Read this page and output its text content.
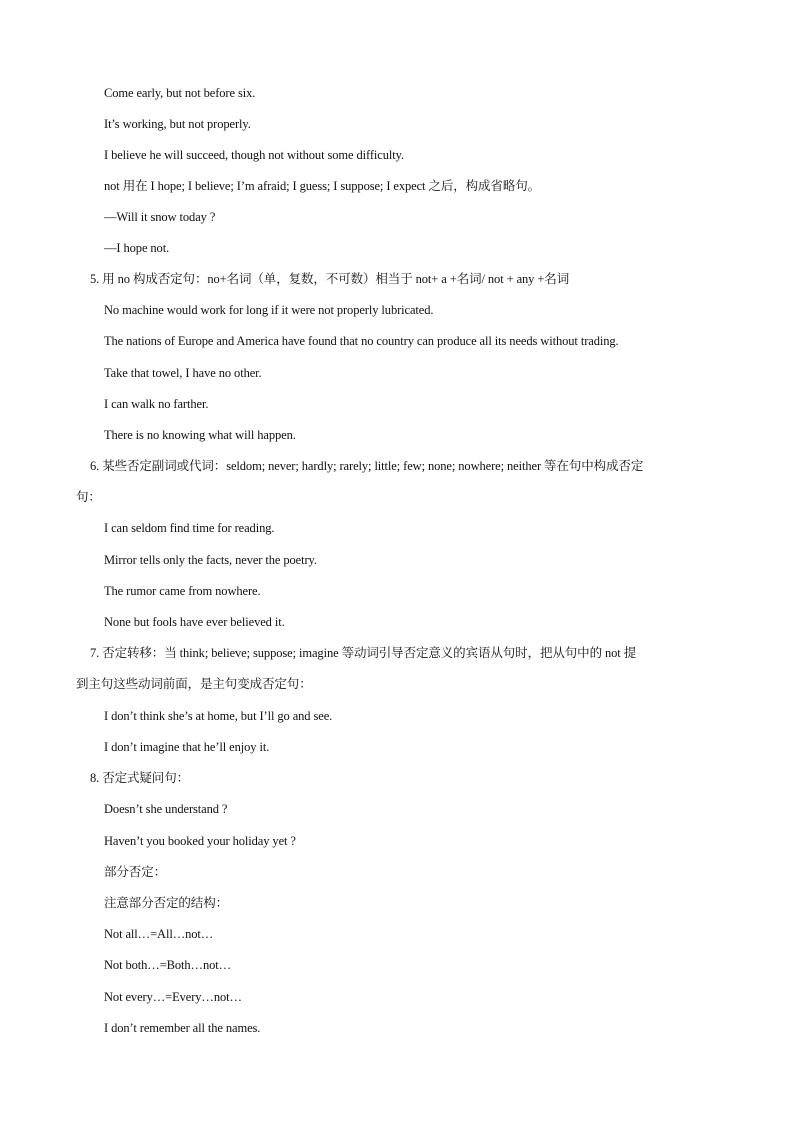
Come early, but not before six.
It’s working, but not properly.
I believe he will succeed, though not without some difficulty.
not 用在 I hope; I believe; I’m afraid; I guess; I suppose; I expect 之后，构成省略句。
—Will it snow today ?
—I hope not.
5. 用 no 构成否定句：no+名词（单，复数，不可数）相当于 not+ a +名词/ not + any +名词
No machine would work for long if it were not properly lubricated.
The nations of Europe and America have found that no country can produce all its needs without trading.
Take that towel, I have no other.
I can walk no farther.
There is no knowing what will happen.
6. 某些否定副词或代词：seldom; never; hardly; rarely; little; few; none; nowhere; neither 等在句中构成否定
句：
I can seldom find time for reading.
Mirror tells only the facts, never the poetry.
The rumor came from nowhere.
None but fools have ever believed it.
7. 否定转移：当 think; believe; suppose; imagine 等动词引导否定意义的宾语从句时，把从句中的 not 提
到主句这些动词前面，是主句变成否定句：
I don’t think she’s at home, but I’ll go and see.
I don’t imagine that he’ll enjoy it.
8. 否定式疑问句：
Doesn’t she understand ?
Haven’t you booked your holiday yet ?
部分否定：
注意部分否定的结构：
Not all…=All…not…
Not both…=Both…not…
Not every…=Every…not…
I don’t remember all the names.
